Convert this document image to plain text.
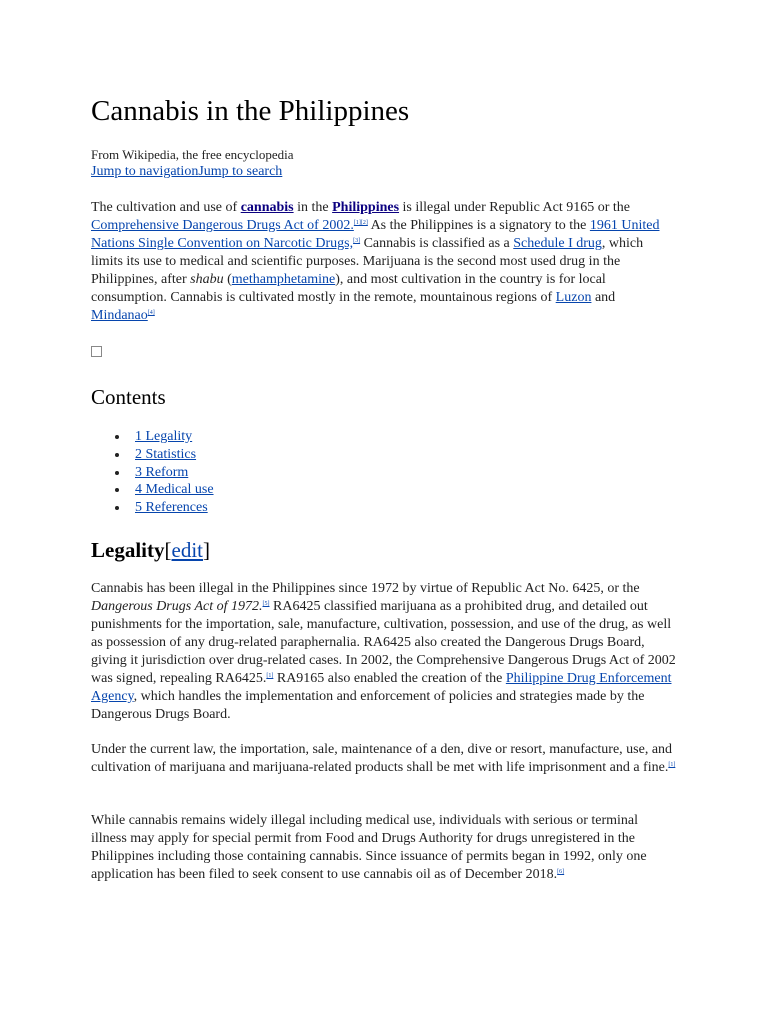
Cannabis in the Philippines
From Wikipedia, the free encyclopedia
Jump to navigationJump to search

The cultivation and use of cannabis in the Philippines is illegal under Republic Act 9165 or the Comprehensive Dangerous Drugs Act of 2002.[1][2] As the Philippines is a signatory to the 1961 United Nations Single Convention on Narcotic Drugs,[3] Cannabis is classified as a Schedule I drug, which limits its use to medical and scientific purposes. Marijuana is the second most used drug in the Philippines, after shabu (methamphetamine), and most cultivation in the country is for local consumption. Cannabis is cultivated mostly in the remote, mountainous regions of Luzon and Mindanao[4]

Contents
1 Legality
2 Statistics
3 Reform
4 Medical use
5 References
Legality[edit]

Cannabis has been illegal in the Philippines since 1972 by virtue of Republic Act No. 6425, or the Dangerous Drugs Act of 1972.[5] RA6425 classified marijuana as a prohibited drug, and detailed out punishments for the importation, sale, manufacture, cultivation, possession, and use of the drug, as well as possession of any drug-related paraphernalia. RA6425 also created the Dangerous Drugs Board, giving it jurisdiction over drug-related cases. In 2002, the Comprehensive Dangerous Drugs Act of 2002 was signed, repealing RA6425.[1] RA9165 also enabled the creation of the Philippine Drug Enforcement Agency, which handles the implementation and enforcement of policies and strategies made by the Dangerous Drugs Board.

Under the current law, the importation, sale, maintenance of a den, dive or resort, manufacture, use, and cultivation of marijuana and marijuana-related products shall be met with life imprisonment and a fine.[1]

While cannabis remains widely illegal including medical use, individuals with serious or terminal illness may apply for special permit from Food and Drugs Authority for drugs unregistered in the Philippines including those containing cannabis. Since issuance of permits began in 1992, only one application has been filed to seek consent to use cannabis oil as of December 2018.[6]
